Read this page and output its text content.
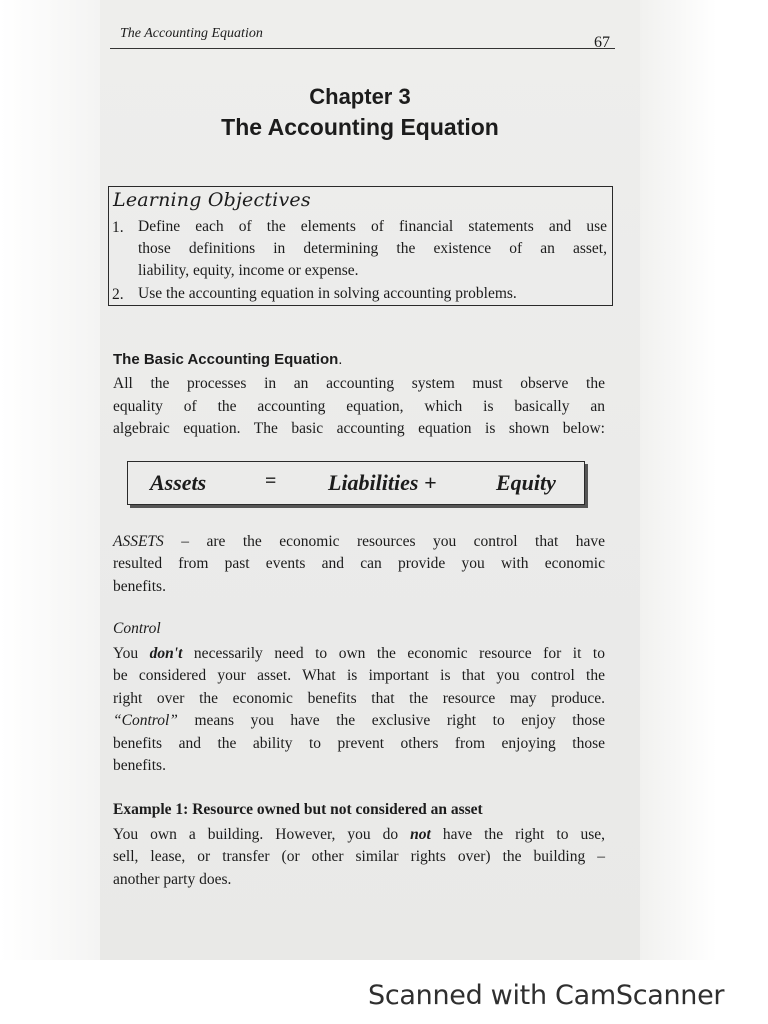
The Accounting Equation
67
Chapter 3
The Accounting Equation
Learning Objectives
1. Define each of the elements of financial statements and use
those definitions in determining the existence of an asset,
liability, equity, income or expense.
2. Use the accounting equation in solving accounting problems.
The Basic Accounting Equation.
All the processes in an accounting system must observe the
equality of the accounting equation, which is basically an
algebraic equation. The basic accounting equation is shown below:
Assets	= Liabilities +	Equity
ASSETS – are the economic resources you control that have
resulted from past events and can provide you with economic
benefits.
Control
You don't necessarily need to own the economic resource for it to
be considered your asset. What is important is that you control the
right over the economic benefits that the resource may produce.
“Control” means you have the exclusive right to enjoy those
benefits and the ability to prevent others from enjoying those
benefits.
Example 1: Resource owned but not considered an asset
You own a building. However, you do not have the right to use,
sell, lease, or transfer (or other similar rights over) the building –
another party does.
Scanned with CamScanner
